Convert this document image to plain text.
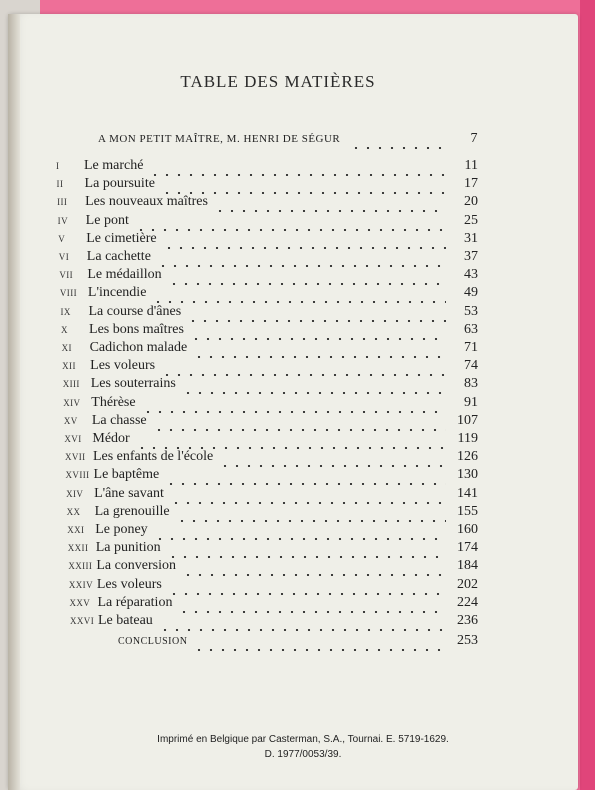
TABLE DES MATIÈRES
A MON PETIT MAÎTRE, M. HENRI DE SÉGUR	7
I	Le marché	11
II	La poursuite	17
III	Les nouveaux maîtres	20
IV	Le pont	25
V	Le cimetière	31
VI	La cachette	37
VII	Le médaillon	43
VIII L'incendie	49
IX	La course d'ânes	53
X	Les bons maîtres	63
XI	Cadichon malade	71
XII	Les voleurs	74
XIII Les souterrains	83
XIV Thérèse	91
XV	La chasse	107
XVI Médor	119
XVII Les enfants de l'école	126
XVIII Le baptême	130
XIV L'âne savant	141
XX	La grenouille	155
XXI Le poney	160
XXII La punition	174
XXIII La conversion	184
XXIV Les voleurs	202
XXV La réparation	224
XXVI Le bateau	236
CONCLUSION	253
Imprimé en Belgique par Casterman, S.A., Tournai. E. 5719-1629.
D. 1977/0053/39.
